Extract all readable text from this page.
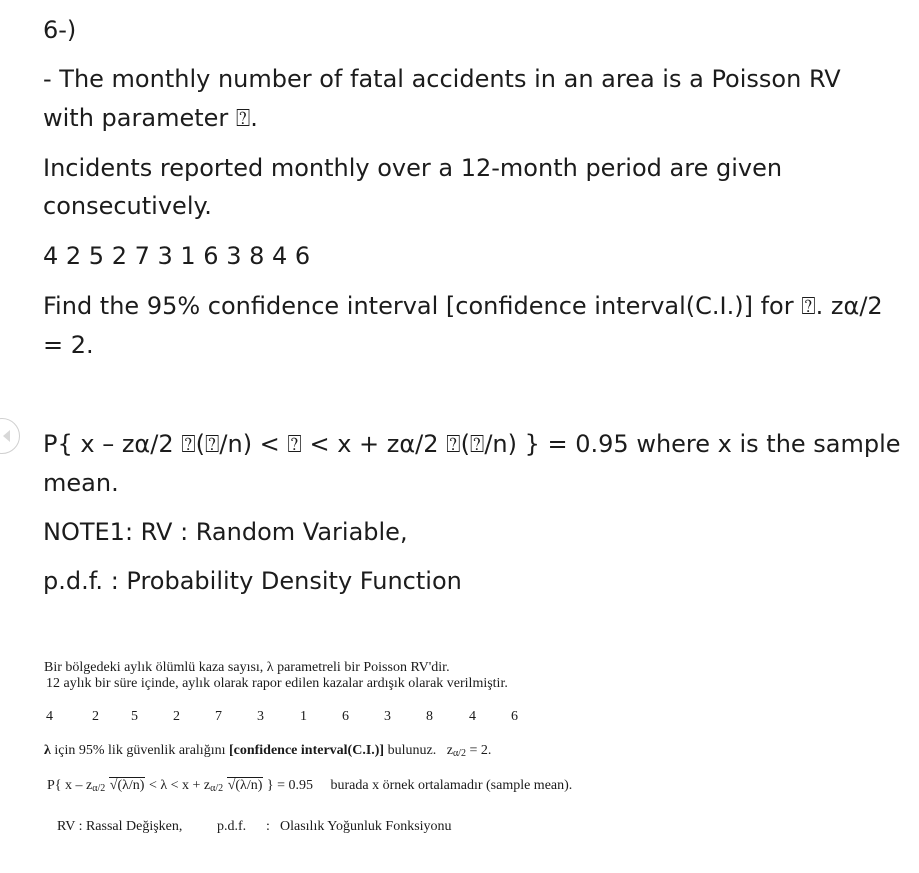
6-)
- The monthly number of fatal accidents in an area is a Poisson RV
with parameter ⍰.
Incidents reported monthly over a 12-month period are given
consecutively.
4 2 5 2 7 3 1 6 3 8 4 6
Find the 95% confidence interval [confidence interval(C.I.)] for ⍰. zα/2
= 2.
P{ x – zα/2 ⍰(⍰/n) < ⍰ < x + zα/2 ⍰(⍰/n) } = 0.95 where x is the sample
mean.
NOTE1: RV : Random Variable,
p.d.f. : Probability Density Function
Bir bölgedeki aylık ölümlü kaza sayısı, λ parametreli bir Poisson RV'dir.
12 aylık bir süre içinde, aylık olarak rapor edilen kazalar ardışık olarak verilmiştir.
4	2 5	2	7	3	1	6	3	8	4	6
λ için 95% lik güvenlik aralığını [confidence interval(C.I.)] bulunuz. $z_{\alpha/2} = 2$.
P{ x – $z_{\alpha/2}$ $√(\lambda/n) < \lambda < x + z_{\alpha/2}$ √(λ/n) } = 0.95 burada x örnek ortalamadır (sample mean).
RV : Rassal Değişken, p.d.f. : Olasılık Yoğunluk Fonksiyonu
